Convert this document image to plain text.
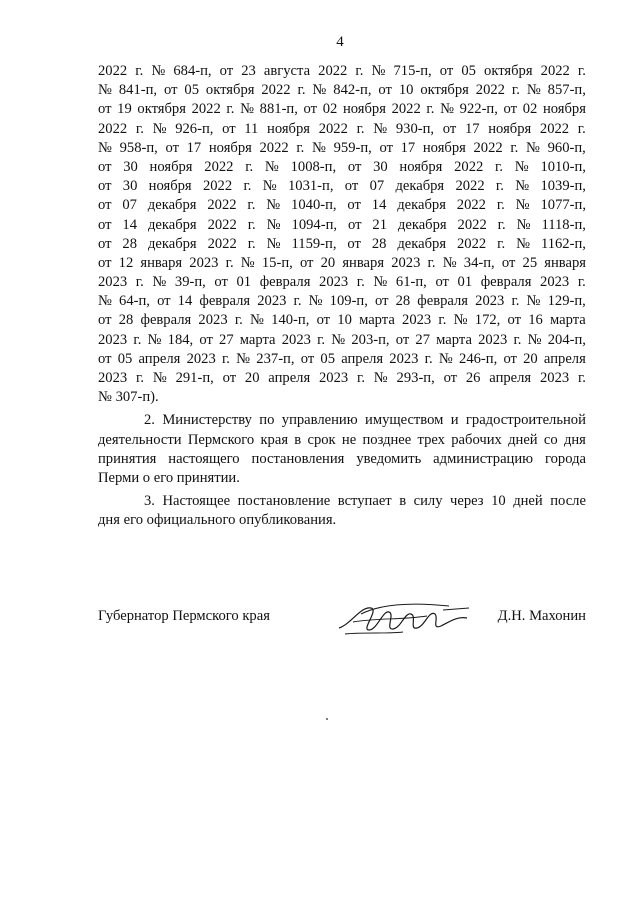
4
2022 г. № 684-п, от 23 августа 2022 г. № 715-п, от 05 октября 2022 г.
№ 841-п, от 05 октября 2022 г. № 842-п, от 10 октября 2022 г. № 857-п,
от 19 октября 2022 г. № 881-п, от 02 ноября 2022 г. № 922-п, от 02 ноября
2022 г. № 926-п, от 11 ноября 2022 г. № 930-п, от 17 ноября 2022 г.
№ 958-п, от 17 ноября 2022 г. № 959-п, от 17 ноября 2022 г. № 960-п,
от 30 ноября 2022 г. № 1008-п, от 30 ноября 2022 г. № 1010-п,
от 30 ноября 2022 г. № 1031-п, от 07 декабря 2022 г. № 1039-п,
от 07 декабря 2022 г. № 1040-п, от 14 декабря 2022 г. № 1077-п,
от 14 декабря 2022 г. № 1094-п, от 21 декабря 2022 г. № 1118-п,
от 28 декабря 2022 г. № 1159-п, от 28 декабря 2022 г. № 1162-п,
от 12 января 2023 г. № 15-п, от 20 января 2023 г. № 34-п, от 25 января
2023 г. № 39-п, от 01 февраля 2023 г. № 61-п, от 01 февраля 2023 г.
№ 64-п, от 14 февраля 2023 г. № 109-п, от 28 февраля 2023 г. № 129-п,
от 28 февраля 2023 г. № 140-п, от 10 марта 2023 г. № 172, от 16 марта
2023 г. № 184, от 27 марта 2023 г. № 203-п, от 27 марта 2023 г. № 204-п,
от 05 апреля 2023 г. № 237-п, от 05 апреля 2023 г. № 246-п, от 20 апреля
2023 г. № 291-п, от 20 апреля 2023 г. № 293-п, от 26 апреля 2023 г.
№ 307-п).
2. Министерству по управлению имуществом и градостроительной
деятельности Пермского края в срок не позднее трех рабочих дней со дня
принятия настоящего постановления уведомить администрацию города
Перми о его принятии.
3. Настоящее постановление вступает в силу через 10 дней после
дня его официального опубликования.
Губернатор Пермского края	Д.Н. Махонин
